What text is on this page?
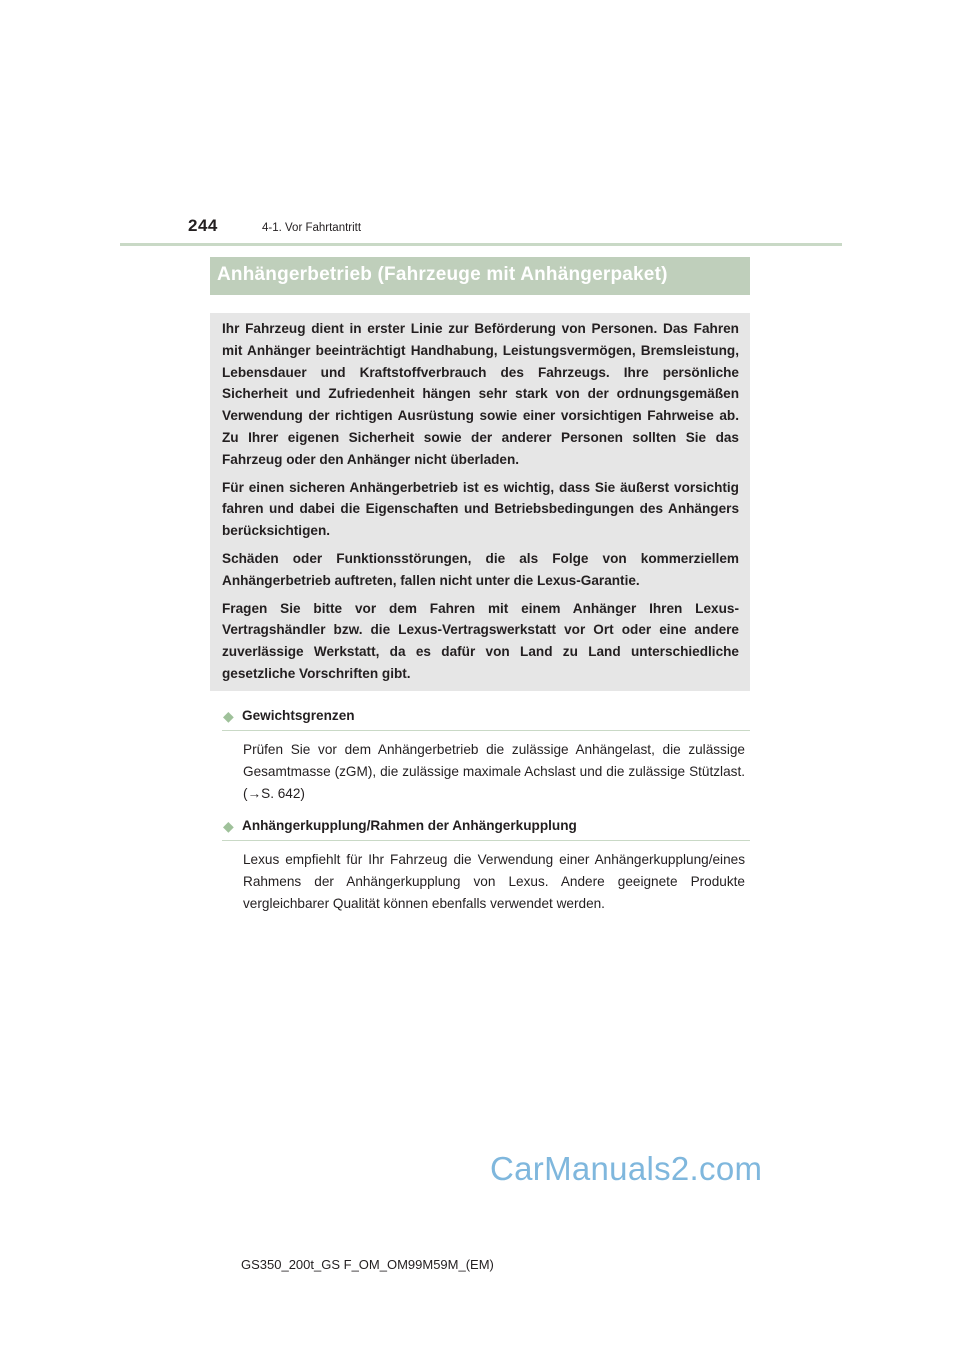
244	4-1. Vor Fahrtantritt
Anhängerbetrieb (Fahrzeuge mit Anhängerpaket)

Ihr Fahrzeug dient in erster Linie zur Beförderung von Personen. Das Fahren mit Anhänger beeinträchtigt Handhabung, Leistungsvermögen, Bremsleistung, Lebensdauer und Kraftstoffverbrauch des Fahrzeugs. Ihre persönliche Sicherheit und Zufriedenheit hängen sehr stark von der ordnungsgemäßen Verwendung der richtigen Ausrüstung sowie einer vorsichtigen Fahrweise ab. Zu Ihrer eigenen Sicherheit sowie der anderer Personen sollten Sie das Fahrzeug oder den Anhänger nicht überladen.

Für einen sicheren Anhängerbetrieb ist es wichtig, dass Sie äußerst vorsichtig fahren und dabei die Eigenschaften und Betriebsbedingungen des Anhängers berücksichtigen.

Schäden oder Funktionsstörungen, die als Folge von kommerziellem Anhängerbetrieb auftreten, fallen nicht unter die Lexus-Garantie.

Fragen Sie bitte vor dem Fahren mit einem Anhänger Ihren Lexus-Vertragshändler bzw. die Lexus-Vertragswerkstatt vor Ort oder eine andere zuverlässige Werkstatt, da es dafür von Land zu Land unterschiedliche gesetzliche Vorschriften gibt.

◆ Gewichtsgrenzen

Prüfen Sie vor dem Anhängerbetrieb die zulässige Anhängelast, die zulässige Gesamtmasse (zGM), die zulässige maximale Achslast und die zulässige Stützlast. (→S. 642)

◆ Anhängerkupplung/Rahmen der Anhängerkupplung

Lexus empfiehlt für Ihr Fahrzeug die Verwendung einer Anhängerkupplung/eines Rahmens der Anhängerkupplung von Lexus. Andere geeignete Produkte vergleichbarer Qualität können ebenfalls verwendet werden.

CarManuals2.com
GS350_200t_GS F_OM_OM99M59M_(EM)
